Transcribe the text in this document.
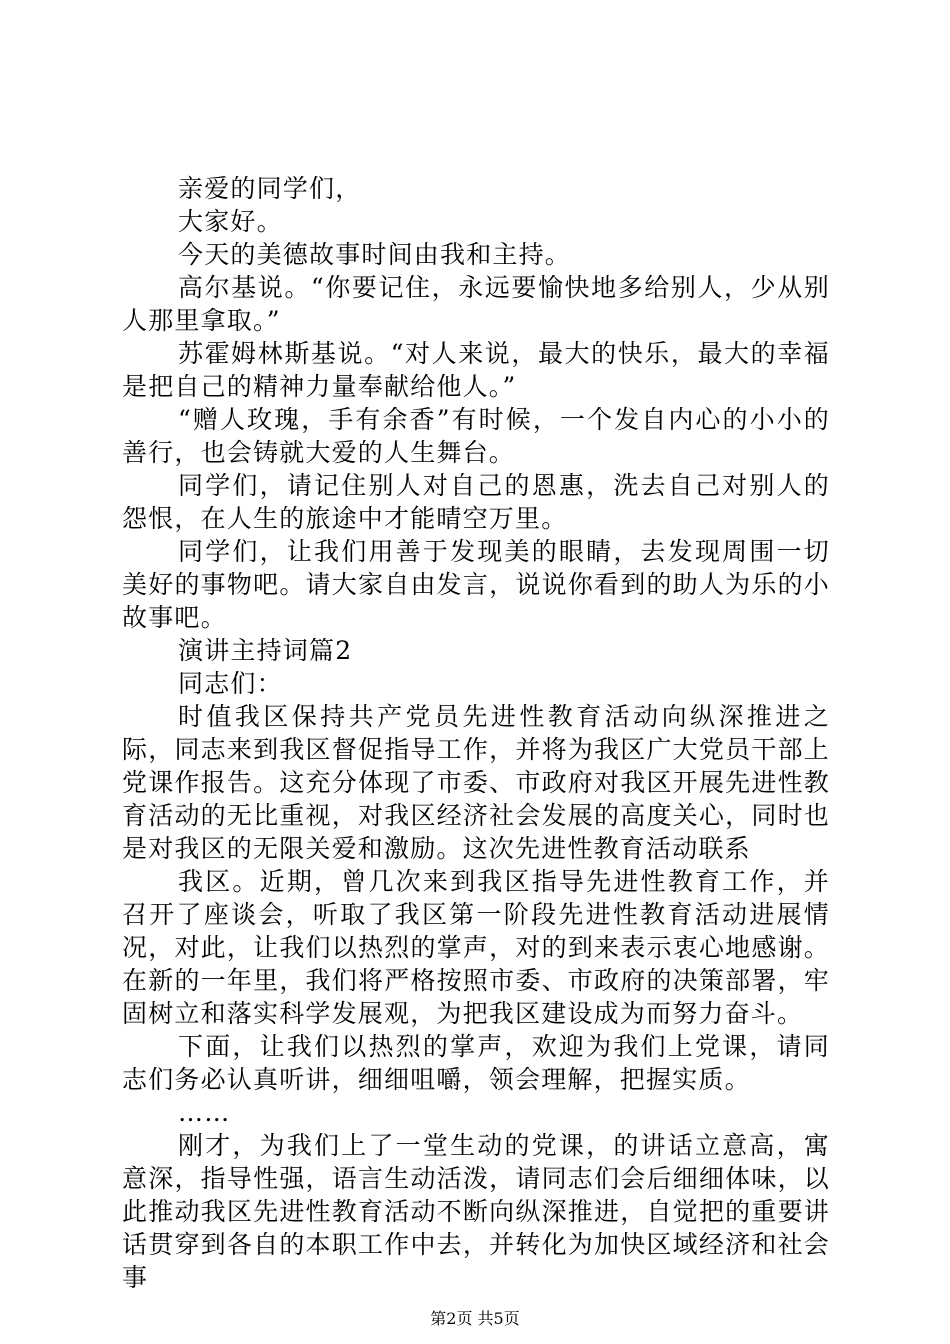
亲爱的同学们，

大家好。

今天的美德故事时间由我和主持。

高尔基说。“你要记住，永远要愉快地多给别人，少从别人那里拿取。”

苏霍姆林斯基说。“对人来说，最大的快乐，最大的幸福是把自己的精神力量奉献给他人。”

“赠人玫瑰，手有余香”有时候，一个发自内心的小小的善行，也会铸就大爱的人生舞台。

同学们，请记住别人对自己的恩惠，洗去自己对别人的怨恨，在人生的旅途中才能晴空万里。

同学们，让我们用善于发现美的眼睛，去发现周围一切美好的事物吧。请大家自由发言，说说你看到的助人为乐的小故事吧。

演讲主持词篇2

同志们：

时值我区保持共产党员先进性教育活动向纵深推进之际，同志来到我区督促指导工作，并将为我区广大党员干部上党课作报告。这充分体现了市委、市政府对我区开展先进性教育活动的无比重视，对我区经济社会发展的高度关心，同时也是对我区的无限关爱和激励。这次先进性教育活动联系

我区。近期，曾几次来到我区指导先进性教育工作，并召开了座谈会，听取了我区第一阶段先进性教育活动进展情况，对此，让我们以热烈的掌声，对的到来表示衷心地感谢。在新的一年里，我们将严格按照市委、市政府的决策部署，牢固树立和落实科学发展观，为把我区建设成为而努力奋斗。

下面，让我们以热烈的掌声，欢迎为我们上党课，请同志们务必认真听讲，细细咀嚼，领会理解，把握实质。

……

刚才，为我们上了一堂生动的党课，的讲话立意高，寓意深，指导性强，语言生动活泼，请同志们会后细细体味，以此推动我区先进性教育活动不断向纵深推进，自觉把的重要讲话贯穿到各自的本职工作中去，并转化为加快区域经济和社会事

第2页 共5页
